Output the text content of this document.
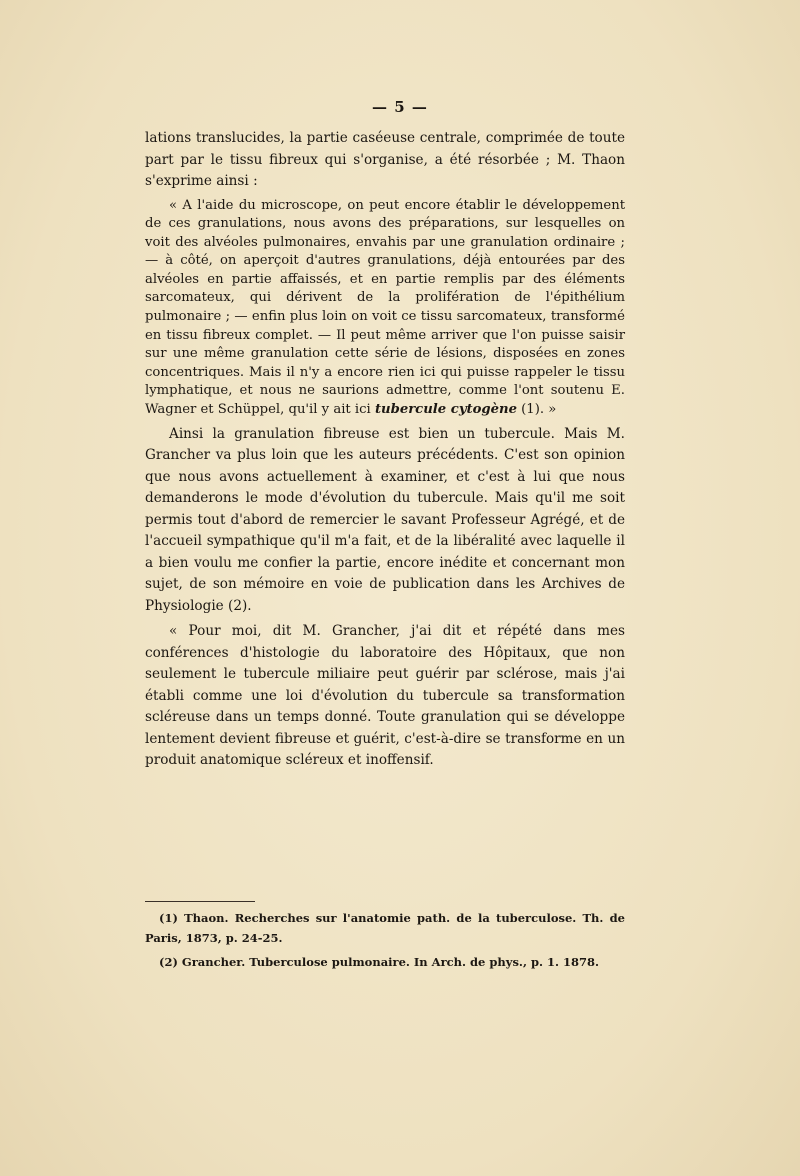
— 5 —

lations translucides, la partie caséeuse centrale, comprimée de toute part par le tissu fibreux qui s'organise, a été résorbée ; M. Thaon s'exprime ainsi :

« A l'aide du microscope, on peut encore établir le développement de ces granulations, nous avons des préparations, sur lesquelles on voit des alvéoles pulmonaires, envahis par une granulation ordinaire ; — à côté, on aperçoit d'autres granulations, déjà entourées par des alvéoles en partie affaissés, et en partie remplis par des éléments sarcomateux, qui dérivent de la prolifération de l'épithélium pulmonaire ; — enfin plus loin on voit ce tissu sarcomateux, transformé en tissu fibreux complet. — Il peut même arriver que l'on puisse saisir sur une même granulation cette série de lésions, disposées en zones concentriques. Mais il n'y a encore rien ici qui puisse rappeler le tissu lymphatique, et nous ne saurions admettre, comme l'ont soutenu E. Wagner et Schüppel, qu'il y ait ici tubercule cytogène (1). »

Ainsi la granulation fibreuse est bien un tubercule. Mais M. Grancher va plus loin que les auteurs précédents. C'est son opinion que nous avons actuellement à examiner, et c'est à lui que nous demanderons le mode d'évolution du tubercule. Mais qu'il me soit permis tout d'abord de remercier le savant Professeur Agrégé, et de l'accueil sympathique qu'il m'a fait, et de la libéralité avec laquelle il a bien voulu me confier la partie, encore inédite et concernant mon sujet, de son mémoire en voie de publication dans les Archives de Physiologie (2).

« Pour moi, dit M. Grancher, j'ai dit et répété dans mes conférences d'histologie du laboratoire des Hôpitaux, que non seulement le tubercule miliaire peut guérir par sclérose, mais j'ai établi comme une loi d'évolution du tubercule sa transformation scléreuse dans un temps donné. Toute granulation qui se développe lentement devient fibreuse et guérit, c'est-à-dire se transforme en un produit anatomique scléreux et inoffensif.

(1) Thaon. Recherches sur l'anatomie path. de la tuberculose. Th. de Paris, 1873, p. 24-25.

(2) Grancher. Tuberculose pulmonaire. In Arch. de phys., p. 1. 1878.
